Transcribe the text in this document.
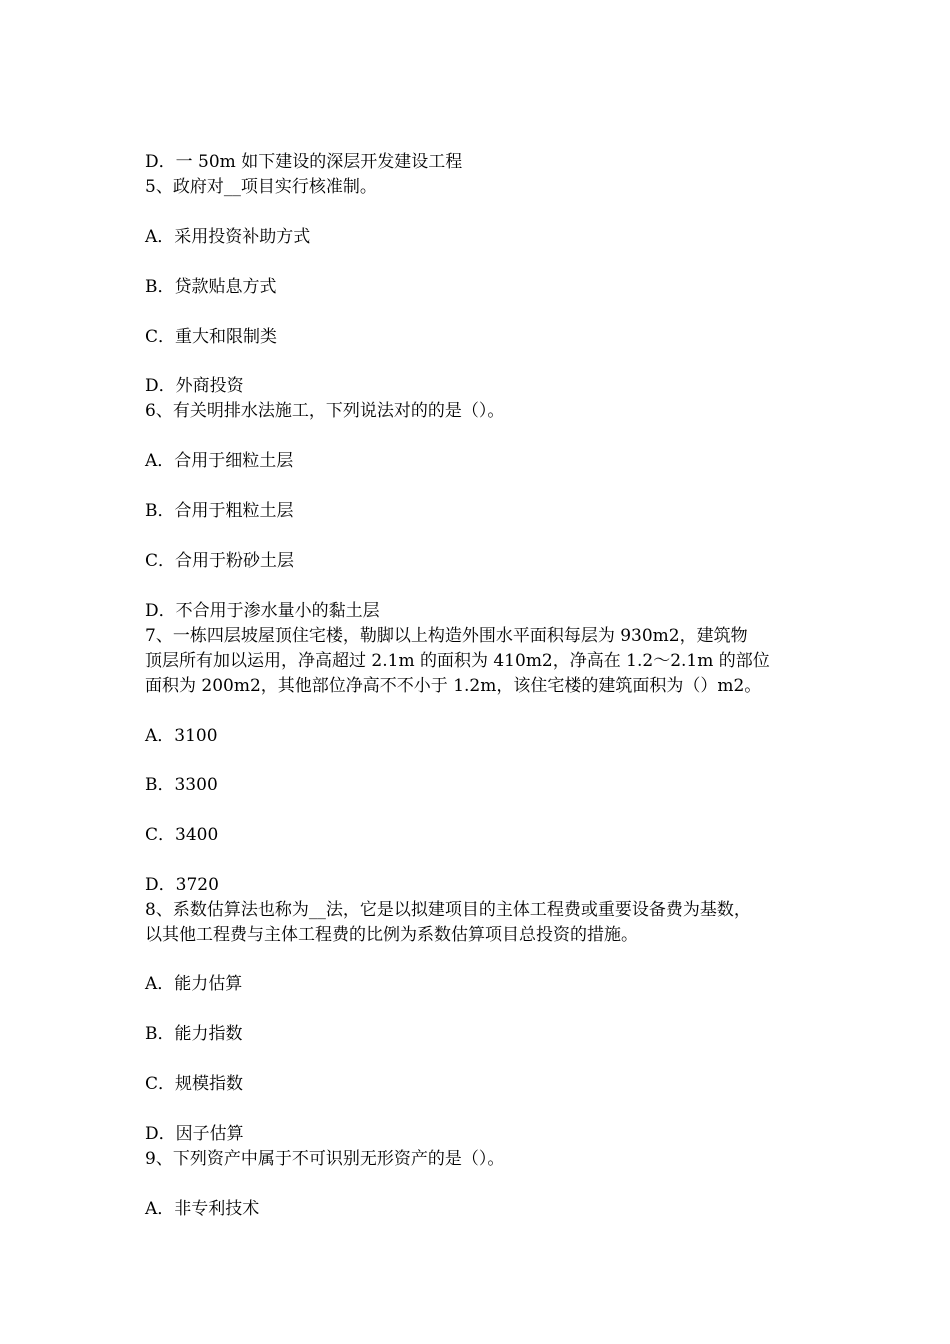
D．一 50m 如下建设的深层开发建设工程
5、政府对__项目实行核准制。
A．采用投资补助方式
B．贷款贴息方式
C．重大和限制类
D．外商投资
6、有关明排水法施工，下列说法对的的是（）。
A．合用于细粒土层
B．合用于粗粒土层
C．合用于粉砂土层
D．不合用于渗水量小的黏土层
7、一栋四层坡屋顶住宅楼，勒脚以上构造外围水平面积每层为 930m2，建筑物
顶层所有加以运用，净高超过 2.1m 的面积为 410m2，净高在 1.2～2.1m 的部位
面积为 200m2，其他部位净高不不小于 1.2m，该住宅楼的建筑面积为（）m2。
A．3100
B．3300
C．3400
D．3720
8、系数估算法也称为__法，它是以拟建项目的主体工程费或重要设备费为基数，
以其他工程费与主体工程费的比例为系数估算项目总投资的措施。
A．能力估算
B．能力指数
C．规模指数
D．因子估算
9、下列资产中属于不可识别无形资产的是（）。
A．非专利技术
